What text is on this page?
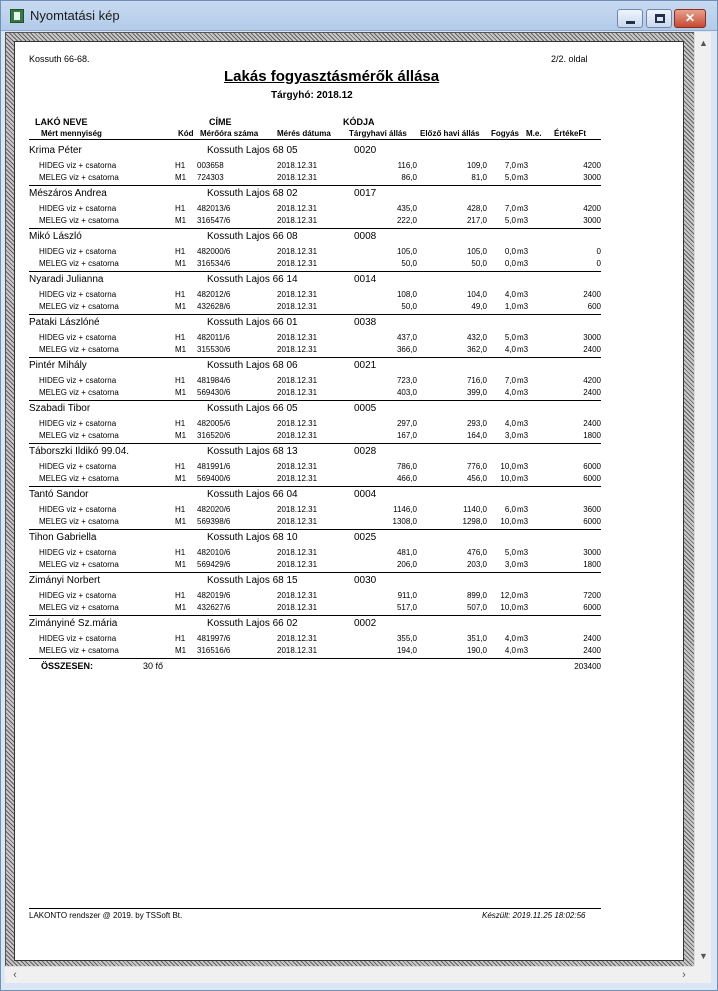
Nyomtatási kép	✕
Kossuth 66-68.	2/2. oldal
Lakás fogyasztásmérők állása
Tárgyhó: 2018.12
LAKÓ NEVE	CÍME	KÓDJA
Mért mennyiség	Kód Mérőóra száma Mérés dátuma Tárgyhavi állás Előző havi állás Fogyás M.e. ÉrtékeFt
Krima Péter	Kossuth Lajos 68 05	0020
HIDEG viz + csatorna	H1	003658	2018.12.31	116,0	109,0	7,0 m3	4200
MELEG viz + csatorna	M1	724303	2018.12.31	86,0	81,0	5,0 m3	3000
Mészáros Andrea	Kossuth Lajos 68 02	0017
HIDEG viz + csatorna	H1	482013/6	2018.12.31	435,0	428,0	7,0 m3	4200
MELEG viz + csatorna	M1	316547/6	2018.12.31	222,0	217,0	5,0 m3	3000
Mikó László	Kossuth Lajos 66 08	0008
HIDEG viz + csatorna	H1	482000/6	2018.12.31	105,0	105,0	0,0 m3	0
MELEG viz + csatorna	M1	316534/6	2018.12.31	50,0	50,0	0,0 m3	0
Nyaradi Julianna	Kossuth Lajos 66 14	0014
HIDEG viz + csatorna	H1	482012/6	2018.12.31	108,0	104,0	4,0 m3	2400
MELEG viz + csatorna	M1	432628/6	2018.12.31	50,0	49,0	1,0 m3	600
Pataki Lászlóné	Kossuth Lajos 66 01	0038
HIDEG viz + csatorna	H1	482011/6	2018.12.31	437,0	432,0	5,0 m3	3000
MELEG viz + csatorna	M1	315530/6	2018.12.31	366,0	362,0	4,0 m3	2400
Pintér Mihály	Kossuth Lajos 68 06	0021
HIDEG viz + csatorna	H1	481984/6	2018.12.31	723,0	716,0	7,0 m3	4200
MELEG viz + csatorna	M1	569430/6	2018.12.31	403,0	399,0	4,0 m3	2400
Szabadi Tibor	Kossuth Lajos 66 05	0005
HIDEG viz + csatorna	H1	482005/6	2018.12.31	297,0	293,0	4,0 m3	2400
MELEG viz + csatorna	M1	316520/6	2018.12.31	167,0	164,0	3,0 m3	1800
Táborszki Ildikó 99.04.	Kossuth Lajos 68 13	0028
HIDEG viz + csatorna	H1	481991/6	2018.12.31	786,0	776,0	10,0 m3	6000
MELEG viz + csatorna	M1	569400/6	2018.12.31	466,0	456,0	10,0 m3	6000
Tantó Sandor	Kossuth Lajos 66 04	0004
HIDEG viz + csatorna	H1	482020/6	2018.12.31	1146,0	1140,0	6,0 m3	3600
MELEG viz + csatorna	M1	569398/6	2018.12.31	1308,0	1298,0	10,0 m3	6000
Tihon Gabriella	Kossuth Lajos 68 10	0025
HIDEG viz + csatorna	H1	482010/6	2018.12.31	481,0	476,0	5,0 m3	3000
MELEG viz + csatorna	M1	569429/6	2018.12.31	206,0	203,0	3,0 m3	1800
Zimányi Norbert	Kossuth Lajos 68 15	0030
HIDEG viz + csatorna	H1	482019/6	2018.12.31	911,0	899,0	12,0 m3	7200
MELEG viz + csatorna	M1	432627/6	2018.12.31	517,0	507,0	10,0 m3	6000
Zimányiné Sz.mária	Kossuth Lajos 66 02	0002
HIDEG viz + csatorna	H1	481997/6	2018.12.31	355,0	351,0	4,0 m3	2400
MELEG viz + csatorna	M1	316516/6	2018.12.31	194,0	190,0	4,0 m3	2400
ÖSSZESEN:	30 fő	203400
LAKONTO rendszer @ 2019. by TSSoft Bt.	Készült: 2019.11.25 18:02:56
▲
▼
‹	›
